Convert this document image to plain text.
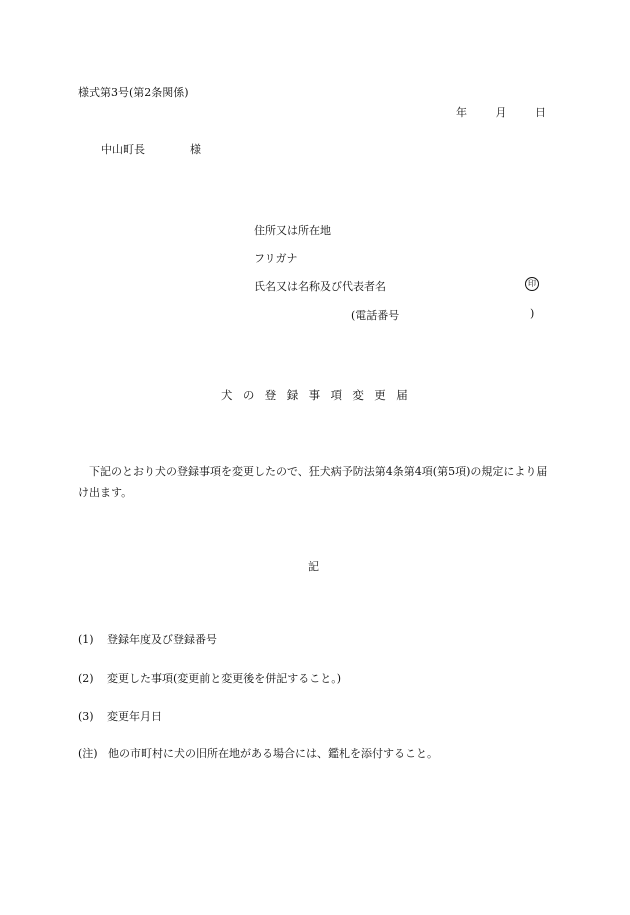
様式第3号(第2条関係)
年	月	日
中山町長	様
住所又は所在地
フリガナ
氏名又は名称及び代表者名	印
(電話番号	)
犬の登録事項変更届
下記のとおり犬の登録事項を変更したので、狂犬病予防法第4条第4項(第5項)の規定により届け出ます。
記
(1) 登録年度及び登録番号
(2) 変更した事項(変更前と変更後を併記すること。)
(3) 変更年月日
(注) 他の市町村に犬の旧所在地がある場合には、鑑札を添付すること。
